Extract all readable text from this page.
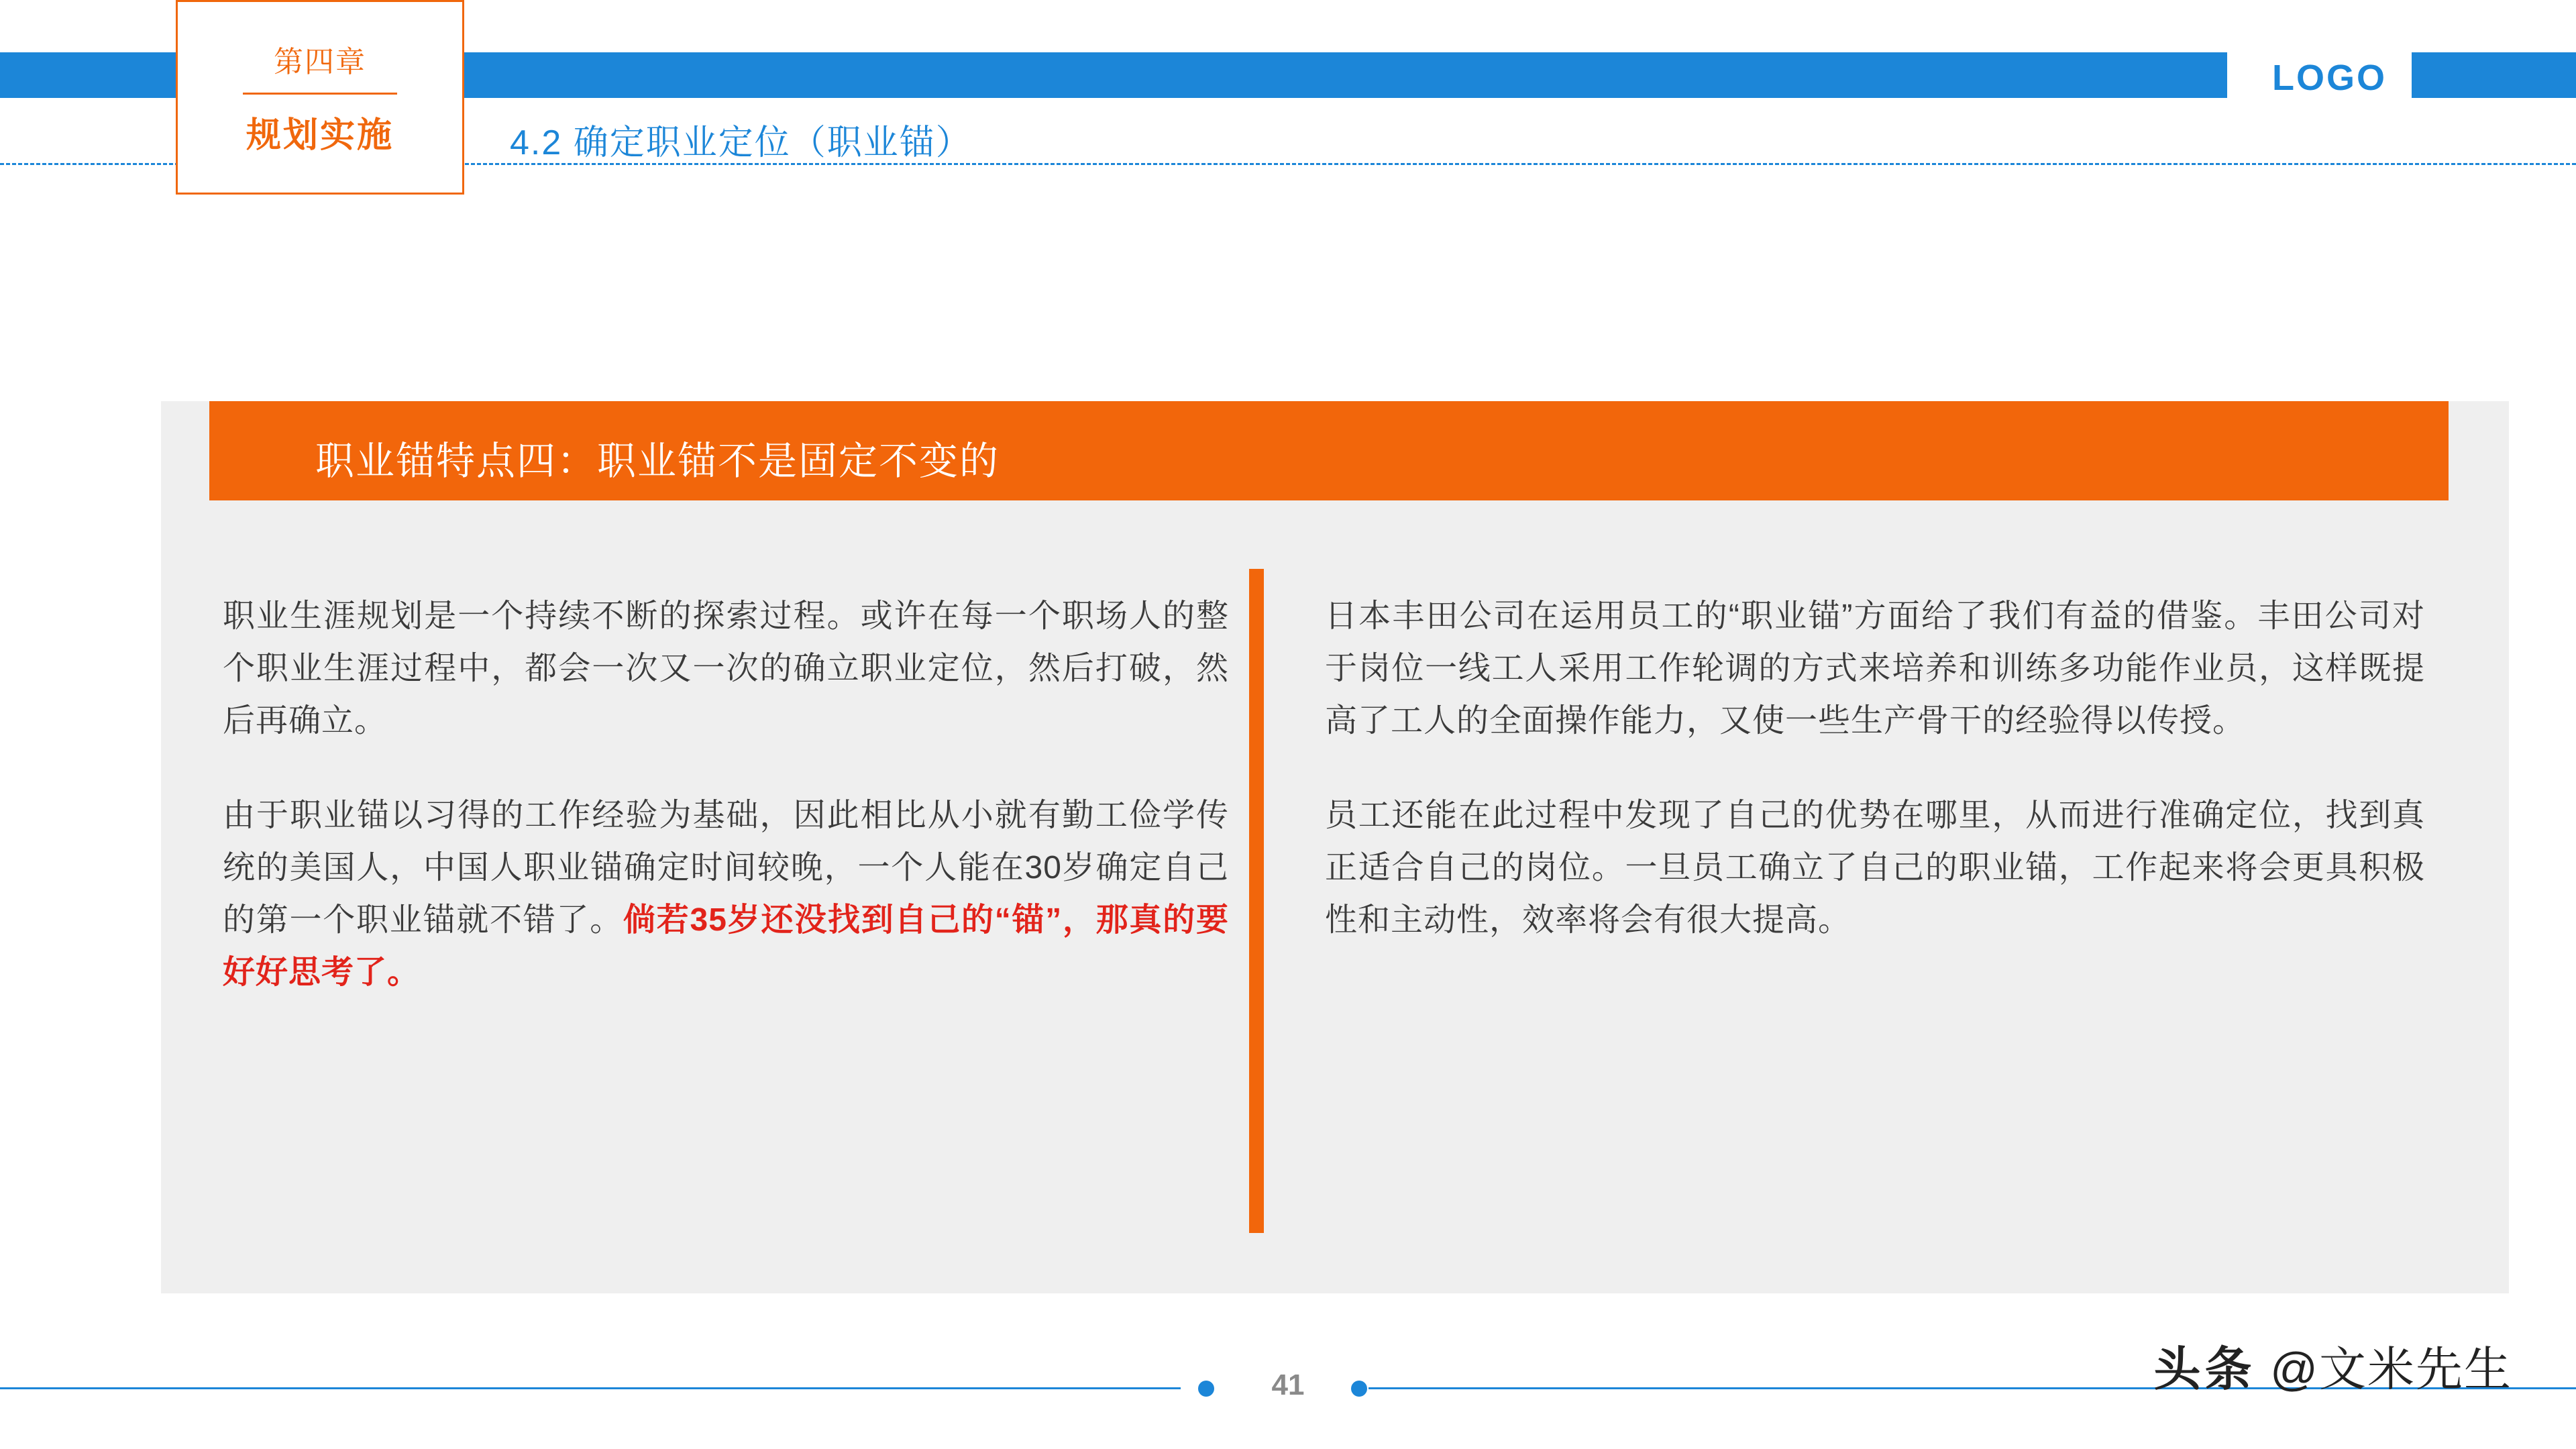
LOGO
第四章
规划实施	4.2 确定职业定位（职业锚）
职业锚特点四：职业锚不是固定不变的

职业生涯规划是一个持续不断的探索过程。或许在每一个职场人的整个职业生涯过程中，都会一次又一次的确立职业定位，然后打破，然后再确立。

由于职业锚以习得的工作经验为基础，因此相比从小就有勤工俭学传统的美国人，中国人职业锚确定时间较晚，一个人能在30岁确定自己的第一个职业锚就不错了。倘若35岁还没找到自己的“锚”，那真的要好好思考了。

日本丰田公司在运用员工的“职业锚”方面给了我们有益的借鉴。丰田公司对于岗位一线工人采用工作轮调的方式来培养和训练多功能作业员，这样既提高了工人的全面操作能力，又使一些生产骨干的经验得以传授。

员工还能在此过程中发现了自己的优势在哪里，从而进行准确定位，找到真正适合自己的岗位。一旦员工确立了自己的职业锚，工作起来将会更具积极性和主动性，效率将会有很大提高。

41	头条 @文米先生
